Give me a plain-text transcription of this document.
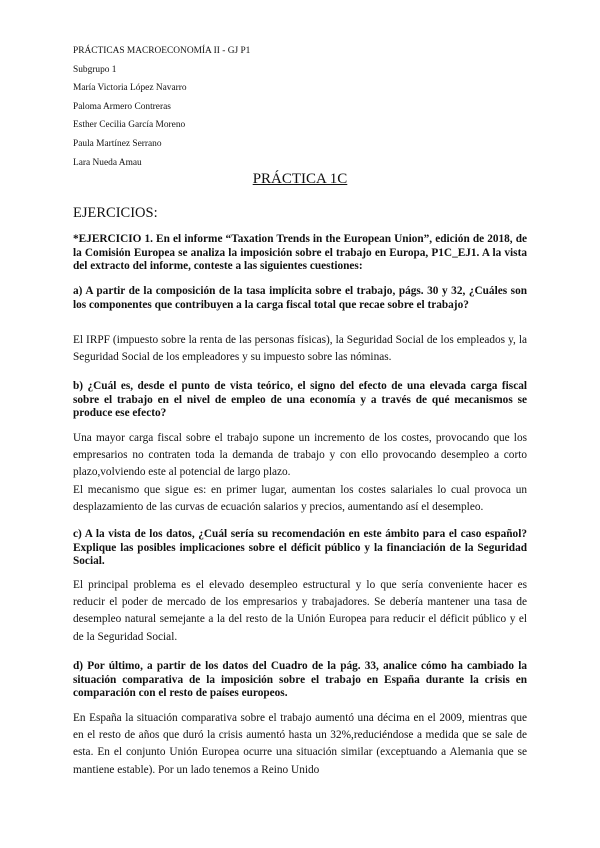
PRÁCTICAS MACROECONOMÍA II - GJ P1
Subgrupo 1
María Victoria López Navarro
Paloma Armero Contreras
Esther Cecilia García Moreno
Paula Martínez Serrano
Lara Nueda Amau
PRÁCTICA 1C
EJERCICIOS:

*EJERCICIO 1. En el informe “Taxation Trends in the European Union”, edición de 2018, de la Comisión Europea se analiza la imposición sobre el trabajo en Europa, P1C_EJ1. A la vista del extracto del informe, conteste a las siguientes cuestiones:

a) A partir de la composición de la tasa implícita sobre el trabajo, págs. 30 y 32, ¿Cuáles son los componentes que contribuyen a la carga fiscal total que recae sobre el trabajo?

El IRPF (impuesto sobre la renta de las personas físicas), la Seguridad Social de los empleados y, la Seguridad Social de los empleadores y su impuesto sobre las nóminas.

b) ¿Cuál es, desde el punto de vista teórico, el signo del efecto de una elevada carga fiscal sobre el trabajo en el nivel de empleo de una economía y a través de qué mecanismos se produce ese efecto?

Una mayor carga fiscal sobre el trabajo supone un incremento de los costes, provocando que los empresarios no contraten toda la demanda de trabajo y con ello provocando desempleo a corto plazo,volviendo este al potencial de largo plazo.

El mecanismo que sigue es: en primer lugar, aumentan los costes salariales lo cual provoca un desplazamiento de las curvas de ecuación salarios y precios, aumentando así el desempleo.

c) A la vista de los datos, ¿Cuál sería su recomendación en este ámbito para el caso español? Explique las posibles implicaciones sobre el déficit público y la financiación de la Seguridad Social.

El principal problema es el elevado desempleo estructural y lo que sería conveniente hacer es reducir el poder de mercado de los empresarios y trabajadores. Se debería mantener una tasa de desempleo natural semejante a la del resto de la Unión Europea para reducir el déficit público y el de la Seguridad Social.

d) Por último, a partir de los datos del Cuadro de la pág. 33, analice cómo ha cambiado la situación comparativa de la imposición sobre el trabajo en España durante la crisis en comparación con el resto de países europeos.

En España la situación comparativa sobre el trabajo aumentó una décima en el 2009, mientras que en el resto de años que duró la crisis aumentó hasta un 32%,reduciéndose a medida que se sale de esta. En el conjunto Unión Europea ocurre una situación similar (exceptuando a Alemania que se mantiene estable). Por un lado tenemos a Reino Unido
